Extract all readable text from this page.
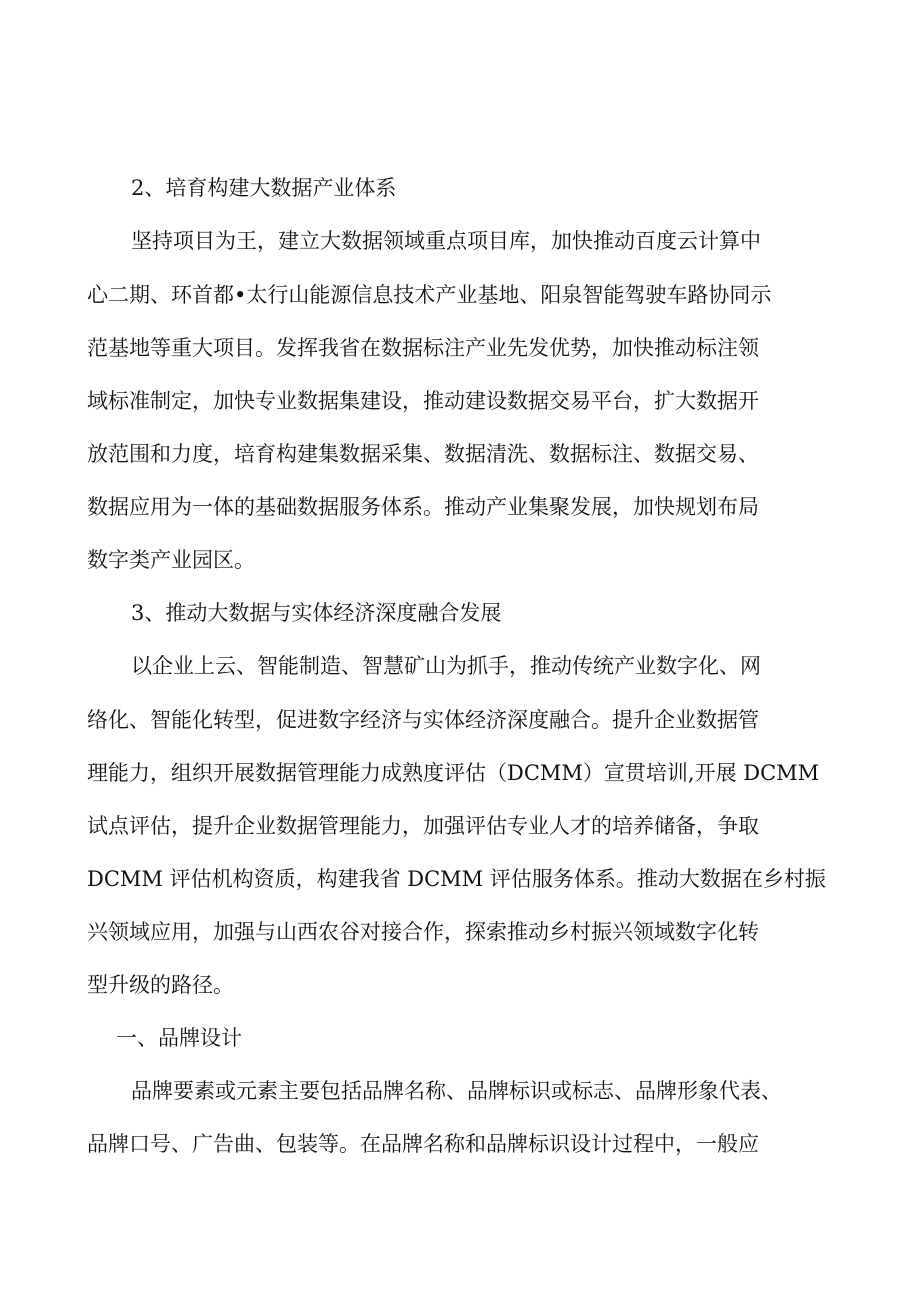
2、培育构建大数据产业体系
坚持项目为王，建立大数据领域重点项目库，加快推动百度云计算中
心二期、环首都•太行山能源信息技术产业基地、阳泉智能驾驶车路协同示
范基地等重大项目。发挥我省在数据标注产业先发优势，加快推动标注领
域标准制定，加快专业数据集建设，推动建设数据交易平台，扩大数据开
放范围和力度，培育构建集数据采集、数据清洗、数据标注、数据交易、
数据应用为一体的基础数据服务体系。推动产业集聚发展，加快规划布局
数字类产业园区。
3、推动大数据与实体经济深度融合发展
以企业上云、智能制造、智慧矿山为抓手，推动传统产业数字化、网
络化、智能化转型，促进数字经济与实体经济深度融合。提升企业数据管
理能力，组织开展数据管理能力成熟度评估（DCMM）宣贯培训,开展 DCMM
试点评估，提升企业数据管理能力，加强评估专业人才的培养储备，争取
DCMM 评估机构资质，构建我省 DCMM 评估服务体系。推动大数据在乡村振
兴领域应用，加强与山西农谷对接合作，探索推动乡村振兴领域数字化转
型升级的路径。
一、品牌设计
品牌要素或元素主要包括品牌名称、品牌标识或标志、品牌形象代表、
品牌口号、广告曲、包装等。在品牌名称和品牌标识设计过程中，一般应
